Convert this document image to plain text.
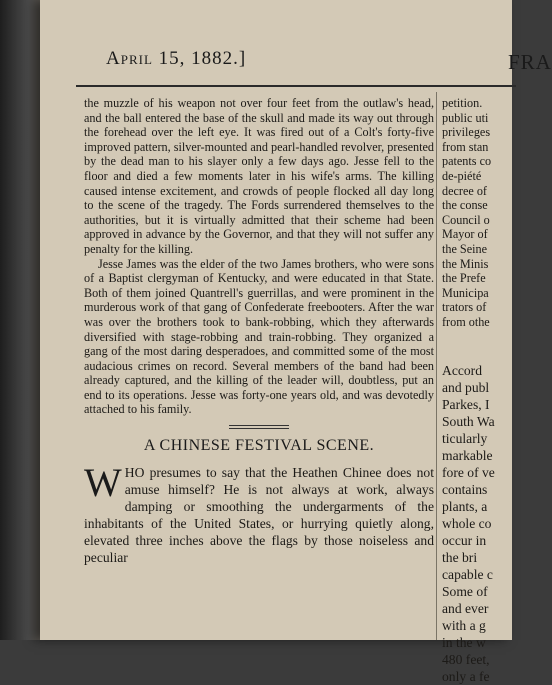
April 15, 1882.]	FRA

the muzzle of his weapon not over four feet from the outlaw's head, and the ball entered the base of the skull and made its way out through the forehead over the left eye. It was fired out of a Colt's forty-five improved pattern, silver-mounted and pearl-handled revolver, presented by the dead man to his slayer only a few days ago. Jesse fell to the floor and died a few moments later in his wife's arms. The killing caused intense excitement, and crowds of people flocked all day long to the scene of the tragedy. The Fords surrendered themselves to the authorities, but it is virtually admitted that their scheme had been approved in advance by the Governor, and that they will not suffer any penalty for the killing.

Jesse James was the elder of the two James brothers, who were sons of a Baptist clergyman of Kentucky, and were educated in that State. Both of them joined Quantrell's guerrillas, and were prominent in the murderous work of that gang of Confederate freebooters. After the war was over the brothers took to bank-robbing, which they afterwards diversified with stage-robbing and train-robbing. They organized a gang of the most daring desperadoes, and committed some of the most audacious crimes on record. Several members of the band had been already captured, and the killing of the leader will, doubtless, put an end to its operations. Jesse was forty-one years old, and was devotedly attached to his family.

A CHINESE FESTIVAL SCENE.
WHO presumes to say that the Heathen Chinee does not amuse himself? He is not always at work, always damping or smoothing the undergarments of the inhabitants of the United States, or hurrying quietly along, elevated three inches above the flags by those noiseless and peculiar
petition.
public uti
privileges
from stan
patents co
de-piété
decree of
the conse
Council o
Mayor of
the Seine
the Minis
the Prefe
Municipa
trators of
from othe
Accord
and publ
Parkes, I
South Wa
ticularly
markable
fore of ve
contains
plants, a
whole co
occur in
the bri
capable c
Some of
and ever
with a g
in the w
480 feet,
only a fe
